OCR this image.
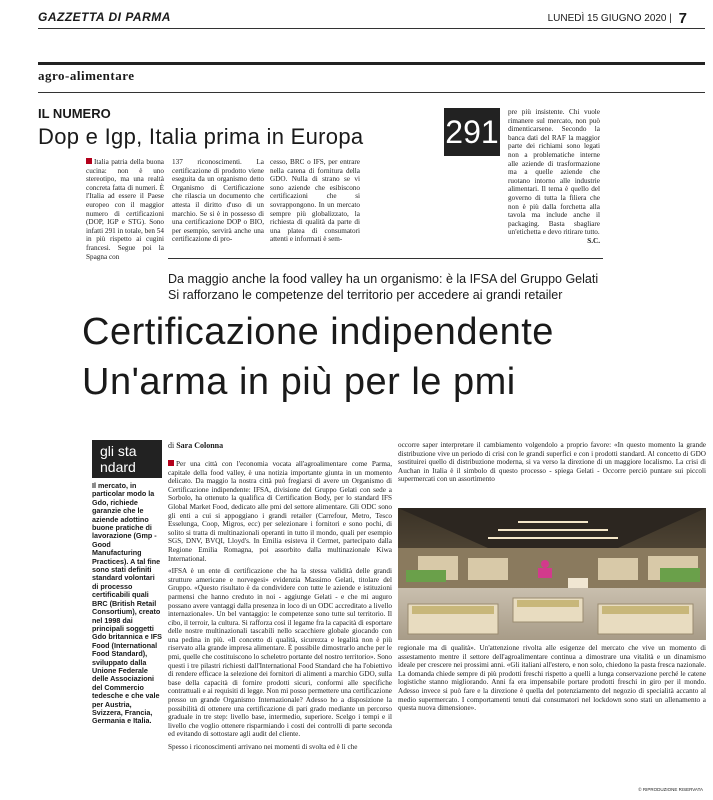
GAZZETTA DI PARMA	LUNEDÌ 15 GIUGNO 2020 | 7
agro-alimentare
IL NUMERO
Dop e Igp, Italia prima in Europa	291
Italia patria della buona cucina: non è uno stereotipo, ma una realtà concreta fatta di numeri. È l'Italia ad essere il Paese europeo con il maggior numero di certificazioni (DOP, IGP e STG). Sono infatti 291 in totale, ben 54 in più rispetto ai cugini francesi. Segue poi la Spagna con
137 riconoscimenti. La certificazione di prodotto viene eseguita da un organismo detto Organismo di Certificazione che rilascia un documento che attesta il diritto d'uso di un marchio. Se si è in possesso di una certificazione DOP o BIO, per esempio, servirà anche una certificazione di pro-
cesso, BRC o IFS, per entrare nella catena di fornitura della GDO. Nulla di strano se vi sono aziende che esibiscono certificazioni che si sovrappongono. In un mercato sempre più globalizzato, la richiesta di qualità da parte di una platea di consumatori attenti e informati è sem-
pre più insistente. Chi vuole rimanere sul mercato, non può dimenticarsene. Secondo la banca dati del RAF la maggior parte dei richiami sono legati non a problematiche interne alle aziende di trasformazione ma a quelle aziende che ruotano intorno alle industrie alimentari. Il tema è quello del governo di tutta la filiera che non è più dalla forchetta alla tavola ma include anche il packaging. Basta sbagliare un'etichetta e devo ritirare tutto.
S.C.
Da maggio anche la food valley ha un organismo: è la IFSA del Gruppo Gelati
Si rafforzano le competenze del territorio per accedere ai grandi retailer
Certificazione indipendente
Un'arma in più per le pmi
gli sta
ndard
Il mercato, in particolar modo la Gdo, richiede garanzie che le aziende adottino buone pratiche di lavorazione (Gmp - Good Manufacturing Practices). A tal fine sono stati definiti standard volontari di processo certificabili quali BRC (British Retail Consortium), creato nel 1998 dai principali soggetti Gdo britannica e IFS Food (International Food Standard), sviluppato dalla Unione Federale delle Associazioni del Commercio tedesche e che vale per Austria, Svizzera, Francia, Germania e Italia.
di Sara Colonna

Per una città con l'economia vocata all'agroalimentare come Parma, capitale della food valley, è una notizia importante giunta in un momento delicato. Da maggio la nostra città può fregiarsi di avere un Organismo di Certificazione indipendente: IFSA, divisione del Gruppo Gelati con sede a Sorbolo, ha ottenuto la qualifica di Certification Body, per lo standard IFS Global Market Food, dedicato alle pmi del settore alimentare. Gli ODC sono gli enti a cui si appoggiano i grandi retailer (Carrefour, Metro, Tesco Esselunga, Coop, Migros, ecc) per selezionare i fornitori e sono pochi, di solito si tratta di multinazionali operanti in tutto il mondo, quali per esempio SGS, DNV, BVQI, Lloyd's. In Emilia esisteva il Cermet, partecipato dalla Regione Emilia Romagna, poi assorbito dalla multinazionale Kiwa International.

«IFSA è un ente di certificazione che ha la stessa validità delle grandi strutture americane e norvegesi» evidenzia Massimo Gelati, titolare del Gruppo. «Questo risultato è da condividere con tutte le aziende e istituzioni parmensi che hanno creduto in noi - aggiunge Gelati - e che mi auguro possano avere vantaggi dalla presenza in loco di un ODC accreditato a livello internazionale». Un bel vantaggio: le competenze sono tutte sul territorio. Il cibo, il terroir, la cultura. Si rafforza così il legame fra la capacità di esportare delle nostre multinazionali tascabili nello scacchiere globale giocando con una pedina in più. «Il concetto di qualità, sicurezza e legalità non è più riservato alla grande impresa alimentare. È possibile dimostrarlo anche per le pmi, quelle che costituiscono lo scheletro portante del nostro territorio». Sono questi i tre pilastri richiesti dall'International Food Standard che ha l'obiettivo di rendere efficace la selezione dei fornitori di alimenti a marchio GDO, sulla base della capacità di fornire prodotti sicuri, conformi alle specifiche contrattuali e ai requisiti di legge. Non mi posso permettere una certificazione presso un grande Organismo Internazionale? Adesso ho a disposizione la possibilità di ottenere una certificazione di pari grado mediante un percorso graduale in tre step: livello base, intermedio, superiore. Scelgo i tempi e il livello che voglio ottenere risparmiando i costi dei controlli di parte seconda ed evitando di sottostare agli audit del cliente.

Spesso i riconoscimenti arrivano nei momenti di svolta ed è lì che

occorre saper interpretare il cambiamento volgendolo a proprio favore: «In questo momento la grande distribuzione vive un periodo di crisi con le grandi superfici e con i prodotti standard. Al concetto di GDO sostituirei quello di distribuzione moderna, si va verso la direzione di un maggiore localismo. La crisi di Auchan in Italia è il simbolo di questo processo - spiega Gelati - Occorre perciò puntare sui piccoli supermercati con un assortimento
regionale ma di qualità». Un'attenzione rivolta alle esigenze del mercato che vive un momento di assestamento mentre il settore dell'agroalimentare continua a dimostrare una vitalità e un dinamismo ideale per crescere nei prossimi anni. «Gli italiani all'estero, e non solo, chiedono la pasta fresca nazionale. La domanda chiede sempre di più prodotti freschi rispetto a quelli a lunga conservazione perché le catene logistiche stanno migliorando. Anni fa era impensabile portare prodotti freschi in giro per il mondo. Adesso invece si può fare e la direzione è quella del potenziamento del negozio di specialità accanto al medio supermercato. I comportamenti tenuti dai consumatori nel lockdown sono stati un allenamento a questa nuova dimensione».
© RIPRODUZIONE RISERVATA
